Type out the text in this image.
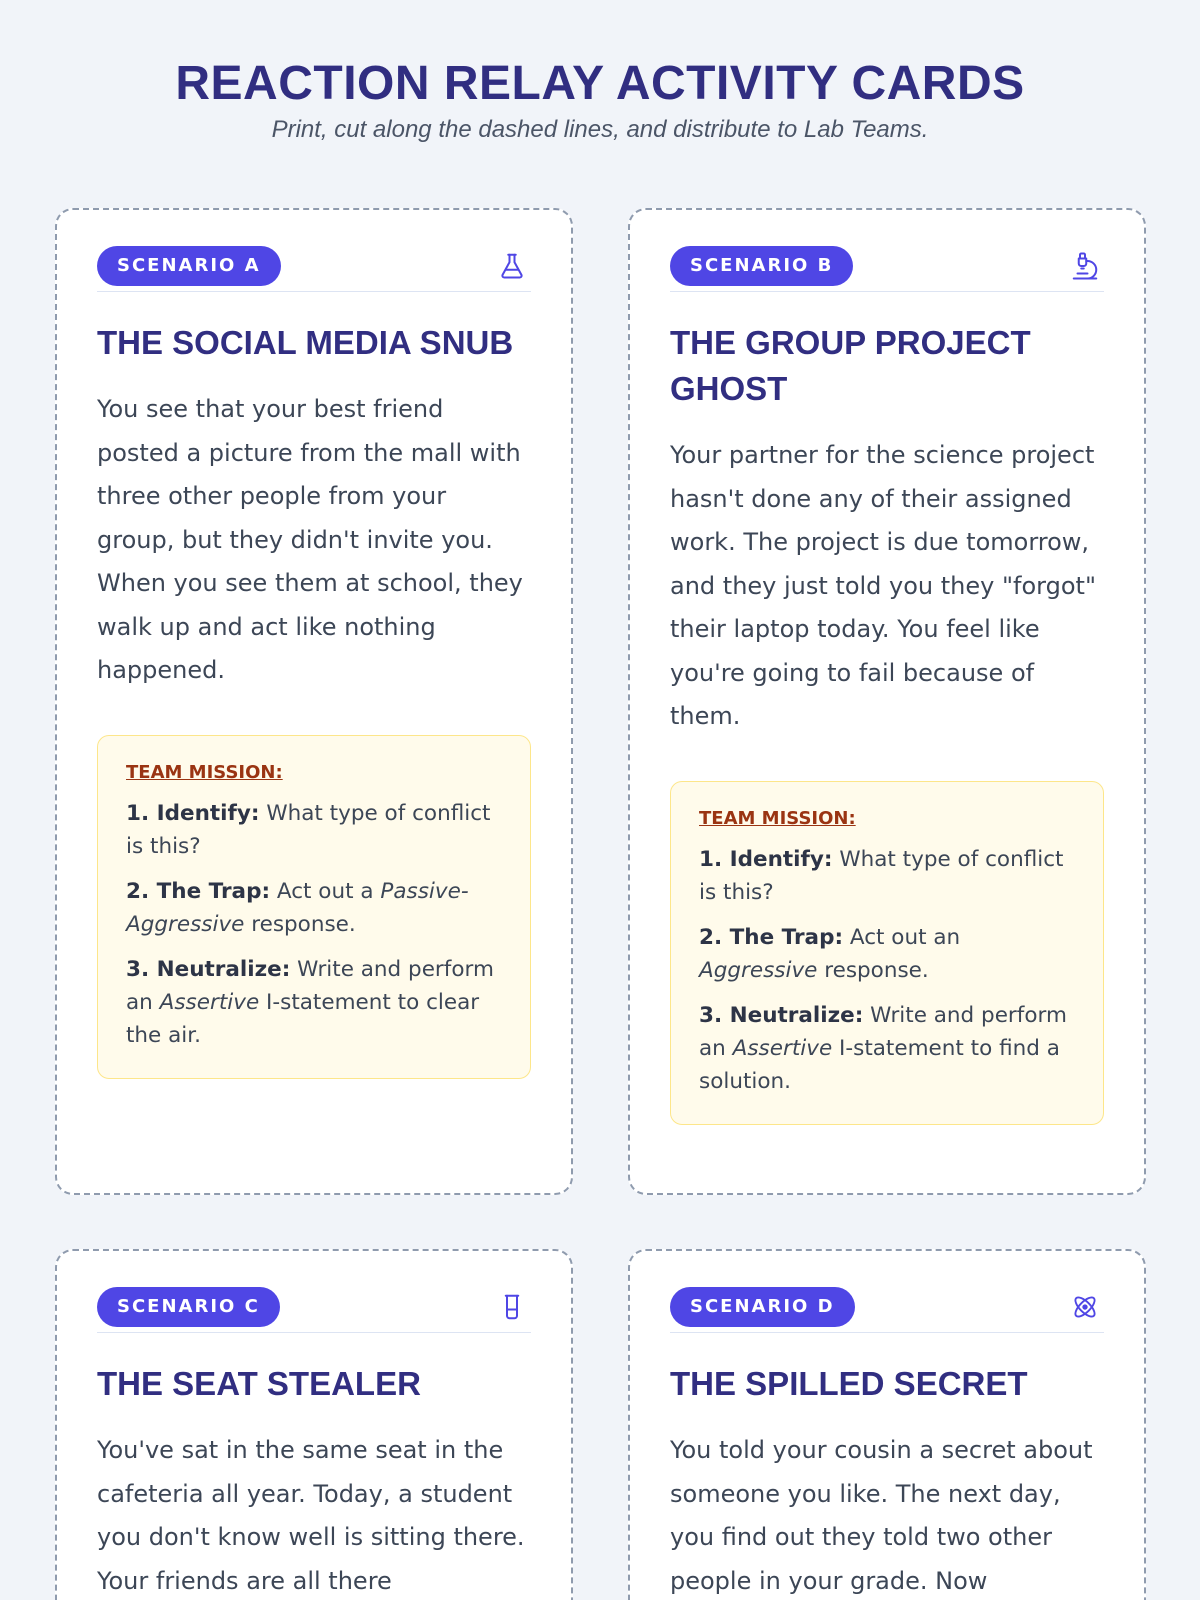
REACTION RELAY ACTIVITY CARDS

Print, cut along the dashed lines, and distribute to Lab Teams.

SCENARIO A
THE SOCIAL MEDIA SNUB

You see that your best friend posted a picture from the mall with three other people from your group, but they didn't invite you. When you see them at school, they walk up and act like nothing happened.

TEAM MISSION:

1. Identify: What type of conflict is this?

2. The Trap: Act out a Passive-Aggressive response.

3. Neutralize: Write and perform an Assertive I-statement to clear the air.

SCENARIO B
THE GROUP PROJECT GHOST

Your partner for the science project hasn't done any of their assigned work. The project is due tomorrow, and they just told you they "forgot" their laptop today. You feel like you're going to fail because of them.

TEAM MISSION:

1. Identify: What type of conflict is this?

2. The Trap: Act out an Aggressive response.

3. Neutralize: Write and perform an Assertive I-statement to find a solution.

SCENARIO C
THE SEAT STEALER

You've sat in the same seat in the cafeteria all year. Today, a student you don't know well is sitting there. Your friends are all there

SCENARIO D
THE SPILLED SECRET

You told your cousin a secret about someone you like. The next day, you find out they told two other people in your grade. Now
